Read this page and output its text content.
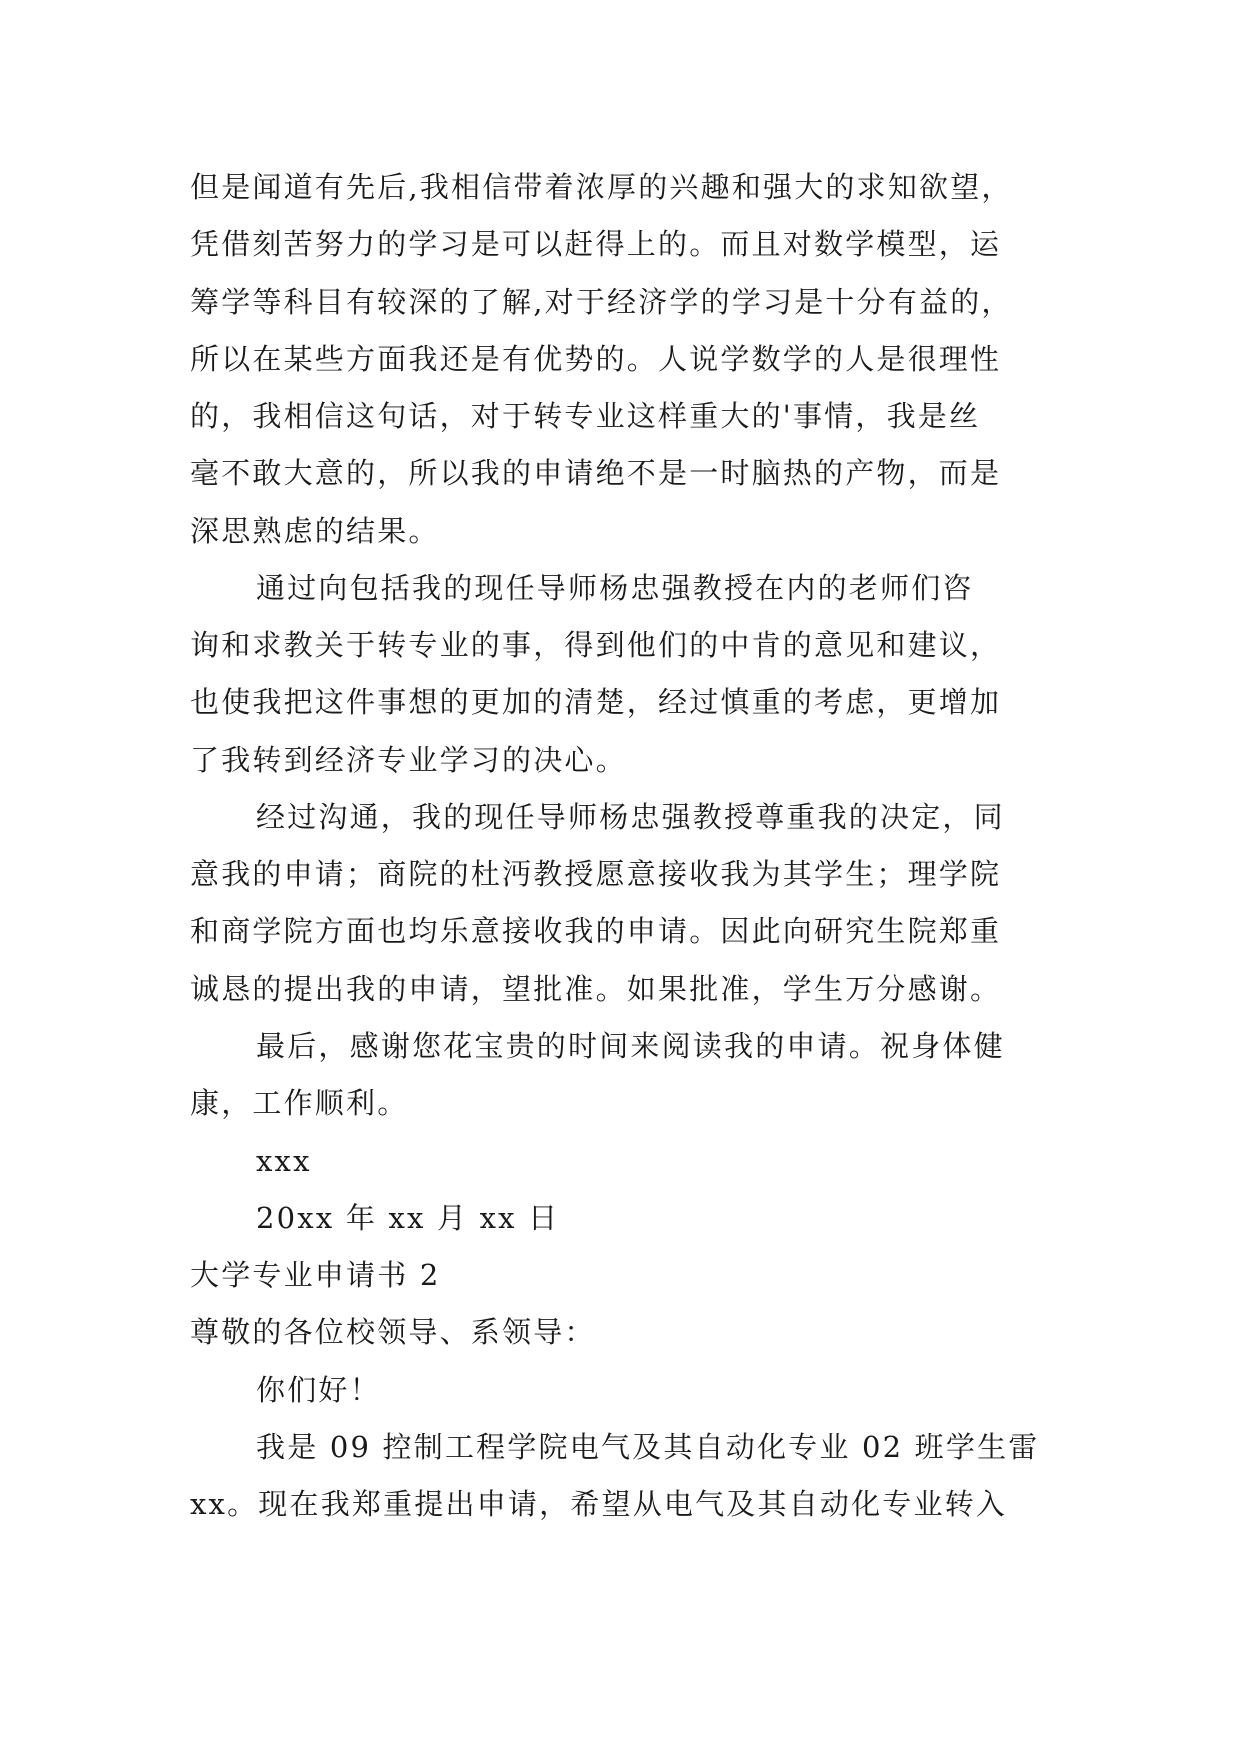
但是闻道有先后,我相信带着浓厚的兴趣和强大的求知欲望，
凭借刻苦努力的学习是可以赶得上的。而且对数学模型，运
筹学等科目有较深的了解,对于经济学的学习是十分有益的，
所以在某些方面我还是有优势的。人说学数学的人是很理性
的，我相信这句话，对于转专业这样重大的'事情，我是丝
毫不敢大意的，所以我的申请绝不是一时脑热的产物，而是
深思熟虑的结果。
通过向包括我的现任导师杨忠强教授在内的老师们咨
询和求教关于转专业的事，得到他们的中肯的意见和建议，
也使我把这件事想的更加的清楚，经过慎重的考虑，更增加
了我转到经济专业学习的决心。
经过沟通，我的现任导师杨忠强教授尊重我的决定，同
意我的申请；商院的杜沔教授愿意接收我为其学生；理学院
和商学院方面也均乐意接收我的申请。因此向研究生院郑重
诚恳的提出我的申请，望批准。如果批准，学生万分感谢。
最后，感谢您花宝贵的时间来阅读我的申请。祝身体健
康，工作顺利。
xxx
20xx 年 xx 月 xx 日
大学专业申请书 2
尊敬的各位校领导、系领导：
你们好！
我是 09 控制工程学院电气及其自动化专业 02 班学生雷
xx。现在我郑重提出申请，希望从电气及其自动化专业转入
